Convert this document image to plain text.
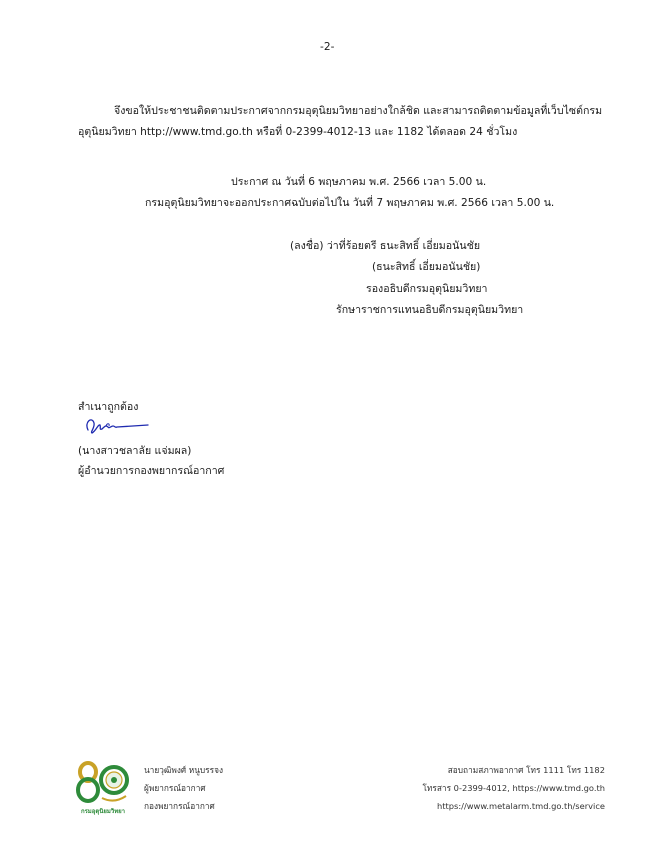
-2-
จึงขอให้ประชาชนติดตามประกาศจากกรมอุตุนิยมวิทยาอย่างใกล้ชิด และสามารถติดตามข้อมูลที่เว็บไซต์กรม
อุตุนิยมวิทยา http://www.tmd.go.th หรือที่ 0-2399-4012-13 และ 1182 ได้ตลอด 24 ชั่วโมง
ประกาศ ณ วันที่ 6 พฤษภาคม พ.ศ. 2566 เวลา 5.00 น.
กรมอุตุนิยมวิทยาจะออกประกาศฉบับต่อไปใน วันที่ 7 พฤษภาคม พ.ศ. 2566 เวลา 5.00 น.
(ลงชื่อ) ว่าที่ร้อยตรี ธนะสิทธิ์ เอี่ยมอนันชัย
(ธนะสิทธิ์ เอี่ยมอนันชัย)
รองอธิบดีกรมอุตุนิยมวิทยา
รักษาราชการแทนอธิบดีกรมอุตุนิยมวิทยา
สำเนาถูกต้อง
(นางสาวชลาลัย แจ่มผล)
ผู้อำนวยการกองพยากรณ์อากาศ
กรมอุตุนิยมวิทยา
นายวุฒิพงศ์ หนูบรรจง
ผู้พยากรณ์อากาศ
กองพยากรณ์อากาศ
สอบถามสภาพอากาศ โทร 1111 โทร 1182
โทรสาร 0-2399-4012, https://www.tmd.go.th
https://www.metalarm.tmd.go.th/service
